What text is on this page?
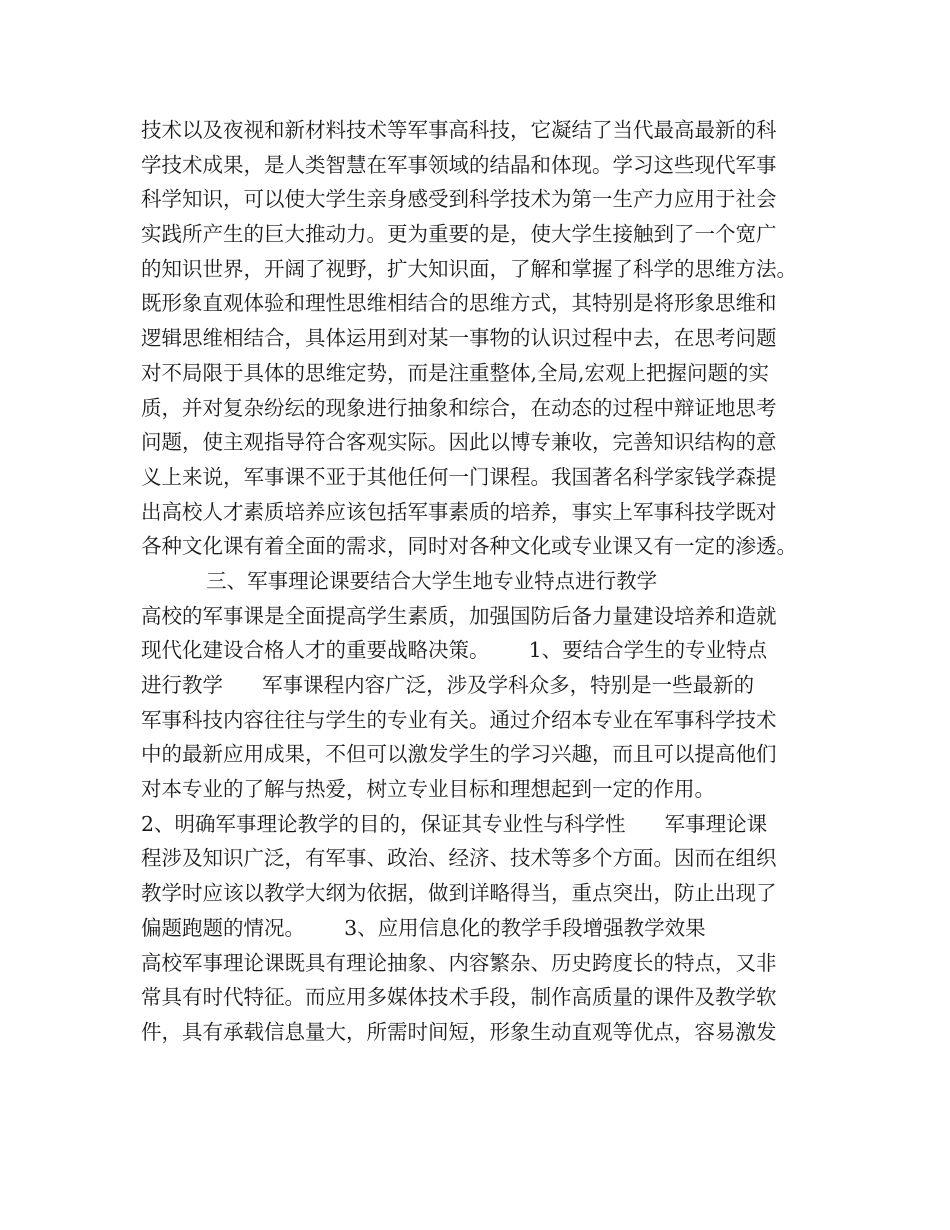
技术以及夜视和新材料技术等军事高科技，它凝结了当代最高最新的科
学技术成果，是人类智慧在军事领域的结晶和体现。学习这些现代军事
科学知识，可以使大学生亲身感受到科学技术为第一生产力应用于社会
实践所产生的巨大推动力。更为重要的是，使大学生接触到了一个宽广
的知识世界，开阔了视野，扩大知识面，了解和掌握了科学的思维方法。
既形象直观体验和理性思维相结合的思维方式，其特别是将形象思维和
逻辑思维相结合，具体运用到对某一事物的认识过程中去，在思考问题
对不局限于具体的思维定势，而是注重整体,全局,宏观上把握问题的实
质，并对复杂纷纭的现象进行抽象和综合，在动态的过程中辩证地思考
问题，使主观指导符合客观实际。因此以博专兼收，完善知识结构的意
义上来说，军事课不亚于其他任何一门课程。我国著名科学家钱学森提
出高校人才素质培养应该包括军事素质的培养，事实上军事科技学既对
各种文化课有着全面的需求，同时对各种文化或专业课又有一定的渗透。
三、军事理论课要结合大学生地专业特点进行教学
高校的军事课是全面提高学生素质，加强国防后备力量建设培养和造就
现代化建设合格人才的重要战略决策。      1、要结合学生的专业特点
进行教学      军事课程内容广泛，涉及学科众多，特别是一些最新的
军事科技内容往往与学生的专业有关。通过介绍本专业在军事科学技术
中的最新应用成果，不但可以激发学生的学习兴趣，而且可以提高他们
对本专业的了解与热爱，树立专业目标和理想起到一定的作用。
2、明确军事理论教学的目的，保证其专业性与科学性      军事理论课
程涉及知识广泛，有军事、政治、经济、技术等多个方面。因而在组织
教学时应该以教学大纲为依据，做到详略得当，重点突出，防止出现了
偏题跑题的情况。      3、应用信息化的教学手段增强教学效果
高校军事理论课既具有理论抽象、内容繁杂、历史跨度长的特点，又非
常具有时代特征。而应用多媒体技术手段，制作高质量的课件及教学软
件，具有承载信息量大，所需时间短，形象生动直观等优点，容易激发
